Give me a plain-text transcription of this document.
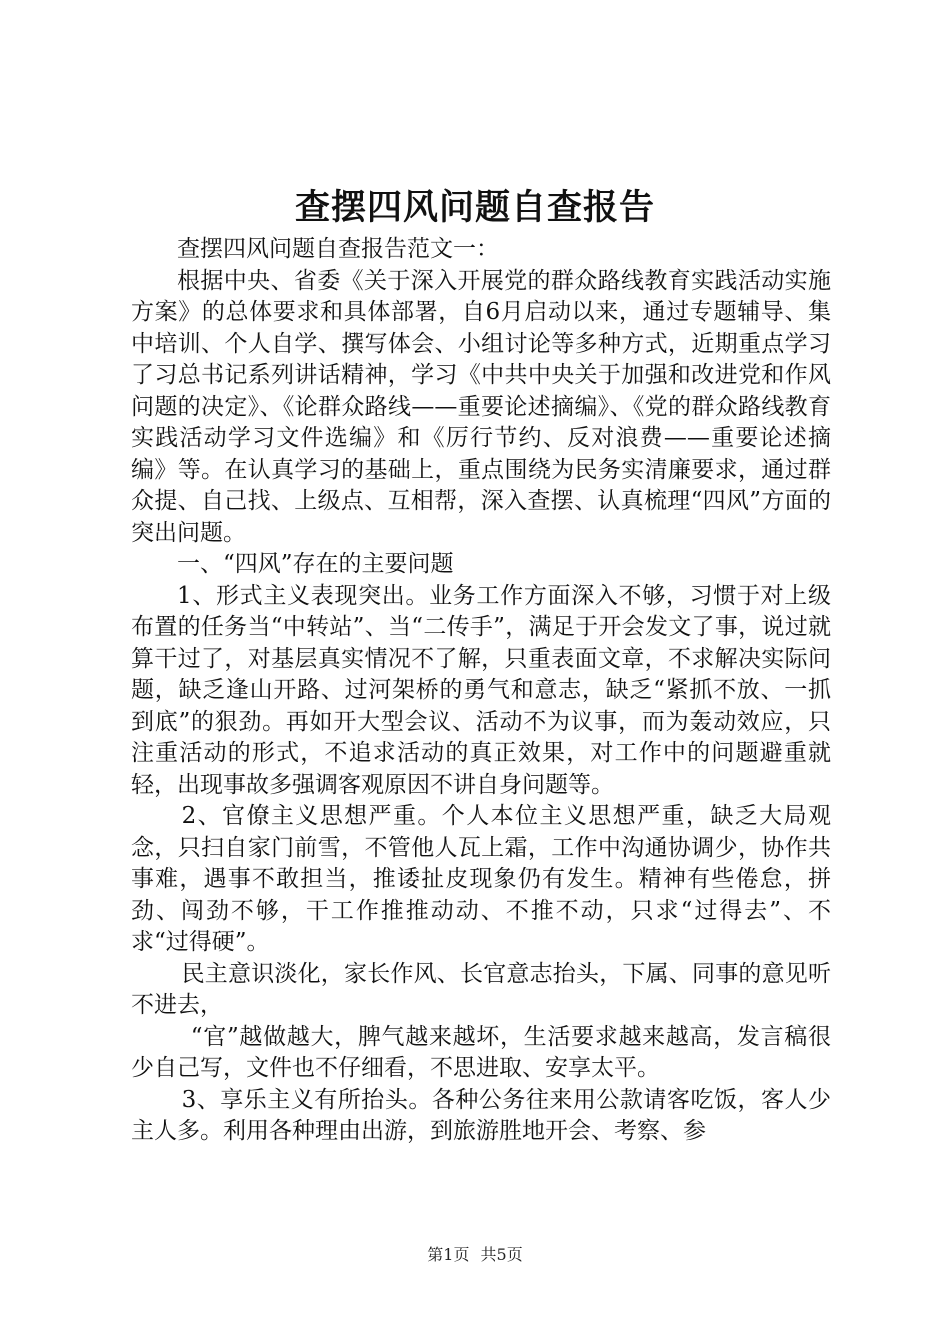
查摆四风问题自查报告

查摆四风问题自查报告范文一：

根据中央、省委《关于深入开展党的群众路线教育实践活动实施方案》的总体要求和具体部署，自6月启动以来，通过专题辅导、集中培训、个人自学、撰写体会、小组讨论等多种方式，近期重点学习了习总书记系列讲话精神，学习《中共中央关于加强和改进党和作风问题的决定》、《论群众路线——重要论述摘编》、《党的群众路线教育实践活动学习文件选编》和《厉行节约、反对浪费——重要论述摘编》等。在认真学习的基础上，重点围绕为民务实清廉要求，通过群众提、自己找、上级点、互相帮，深入查摆、认真梳理“四风”方面的突出问题。

一、“四风”存在的主要问题

1、形式主义表现突出。业务工作方面深入不够，习惯于对上级布置的任务当“中转站”、当“二传手”，满足于开会发文了事，说过就算干过了，对基层真实情况不了解，只重表面文章，不求解决实际问题，缺乏逢山开路、过河架桥的勇气和意志，缺乏“紧抓不放、一抓到底”的狠劲。再如开大型会议、活动不为议事，而为轰动效应，只注重活动的形式，不追求活动的真正效果，对工作中的问题避重就轻，出现事故多强调客观原因不讲自身问题等。

2、官僚主义思想严重。个人本位主义思想严重，缺乏大局观念，只扫自家门前雪，不管他人瓦上霜，工作中沟通协调少，协作共事难，遇事不敢担当，推诿扯皮现象仍有发生。精神有些倦怠，拼劲、闯劲不够，干工作推推动动、不推不动，只求“过得去”、不求“过得硬”。

民主意识淡化，家长作风、长官意志抬头，下属、同事的意见听不进去，

“官”越做越大，脾气越来越坏，生活要求越来越高，发言稿很少自己写，文件也不仔细看，不思进取、安享太平。

3、享乐主义有所抬头。各种公务往来用公款请客吃饭，客人少主人多。利用各种理由出游，到旅游胜地开会、考察、参

第1页 共5页
